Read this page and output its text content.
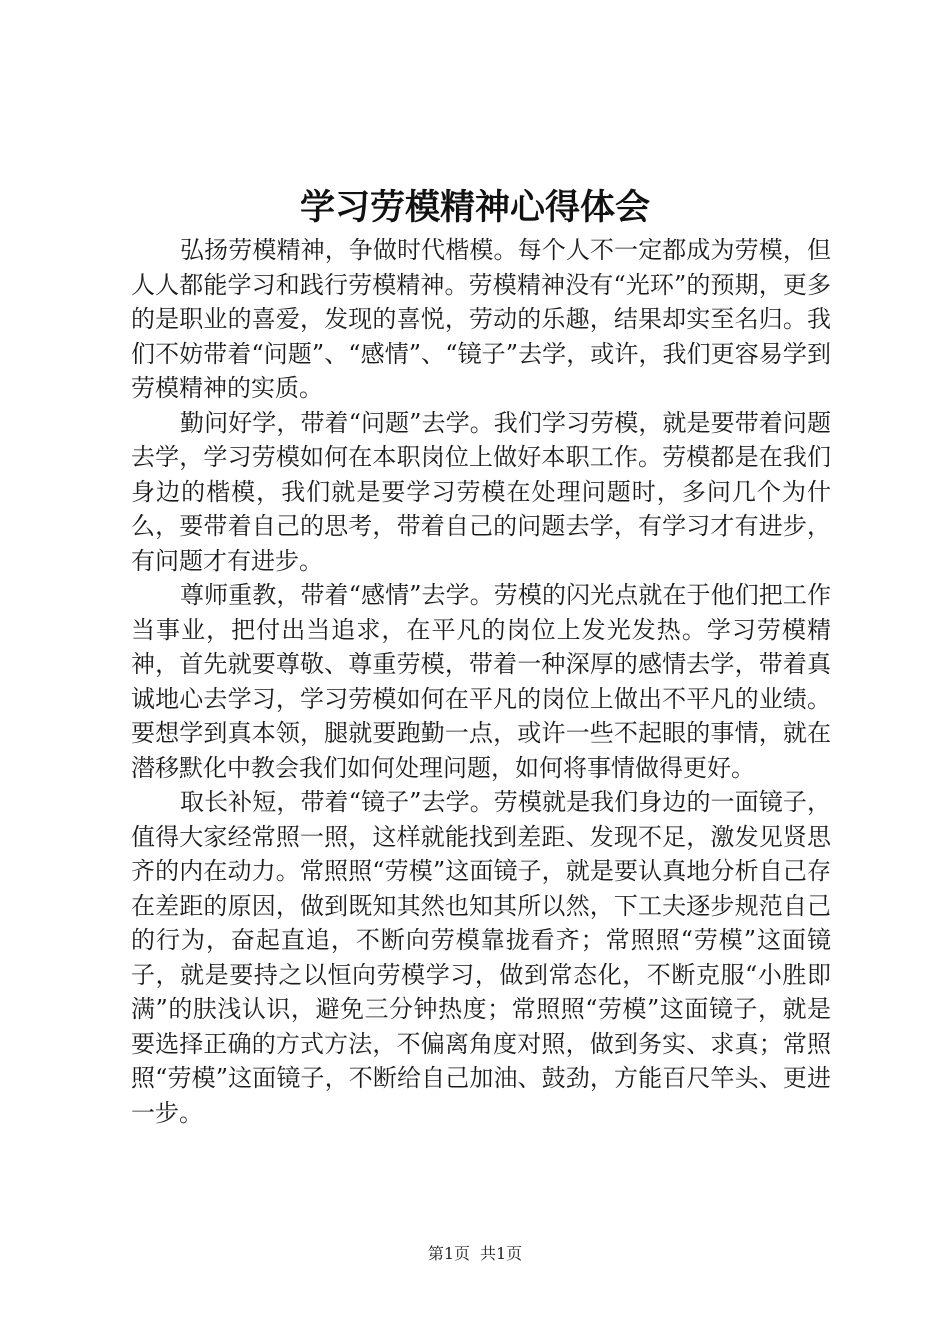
学习劳模精神心得体会

弘扬劳模精神，争做时代楷模。每个人不一定都成为劳模，但人人都能学习和践行劳模精神。劳模精神没有“光环”的预期，更多的是职业的喜爱，发现的喜悦，劳动的乐趣，结果却实至名归。我们不妨带着“问题”、“感情”、“镜子”去学，或许，我们更容易学到劳模精神的实质。

勤问好学，带着“问题”去学。我们学习劳模，就是要带着问题去学，学习劳模如何在本职岗位上做好本职工作。劳模都是在我们身边的楷模，我们就是要学习劳模在处理问题时，多问几个为什么，要带着自己的思考，带着自己的问题去学，有学习才有进步，有问题才有进步。

尊师重教，带着“感情”去学。劳模的闪光点就在于他们把工作当事业，把付出当追求，在平凡的岗位上发光发热。学习劳模精神，首先就要尊敬、尊重劳模，带着一种深厚的感情去学，带着真诚地心去学习，学习劳模如何在平凡的岗位上做出不平凡的业绩。要想学到真本领，腿就要跑勤一点，或许一些不起眼的事情，就在潜移默化中教会我们如何处理问题，如何将事情做得更好。

取长补短，带着“镜子”去学。劳模就是我们身边的一面镜子，值得大家经常照一照，这样就能找到差距、发现不足，激发见贤思齐的内在动力。常照照“劳模”这面镜子，就是要认真地分析自己存在差距的原因，做到既知其然也知其所以然，下工夫逐步规范自己的行为，奋起直追，不断向劳模靠拢看齐；常照照“劳模”这面镜子，就是要持之以恒向劳模学习，做到常态化，不断克服“小胜即满”的肤浅认识，避免三分钟热度；常照照“劳模”这面镜子，就是要选择正确的方式方法，不偏离角度对照，做到务实、求真；常照照“劳模”这面镜子，不断给自己加油、鼓劲，方能百尺竿头、更进一步。

第1页 共1页
